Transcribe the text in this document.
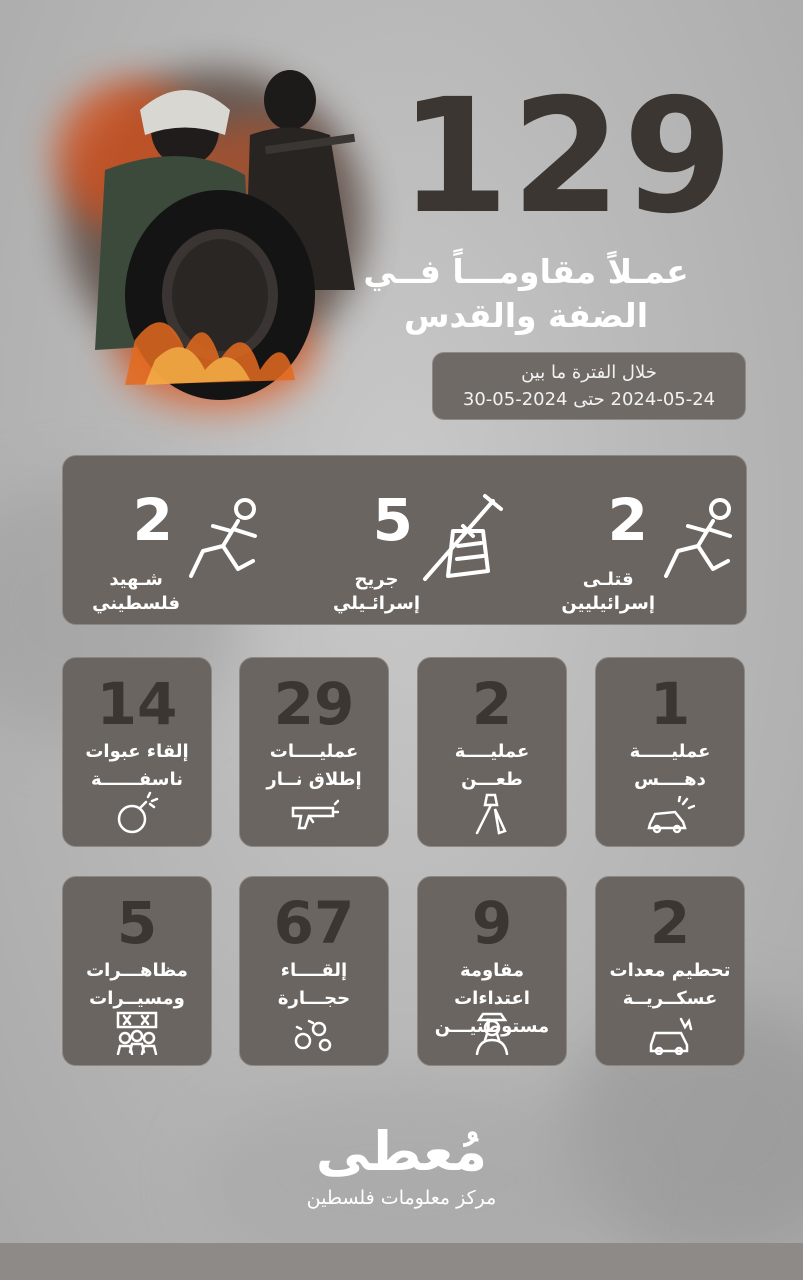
129
عمـلاً مقاومـــاً فــي
الضفة والقدس
خلال الفترة ما بين
2024-05-24 حتى 2024-05-30
2
قتلـى
إسرائيليين
5
جريح
إسرائـيلي
2
شـهيد
فلسطيني
1
عمليـــــة
دهــــس
2
عمليــــة
طعـــن
29
عمليــــات
إطلاق نــار
14
إلقاء عبوات
ناسفــــــة
2
تحطيم معدات
عسكــريــة
9
مقاومة اعتداءات
مستوطنيـــن
67
إلقــــاء
حجـــارة
5
مظاهـــرات
ومسيــرات
مُعطى
مركز معلومات فلسطين
